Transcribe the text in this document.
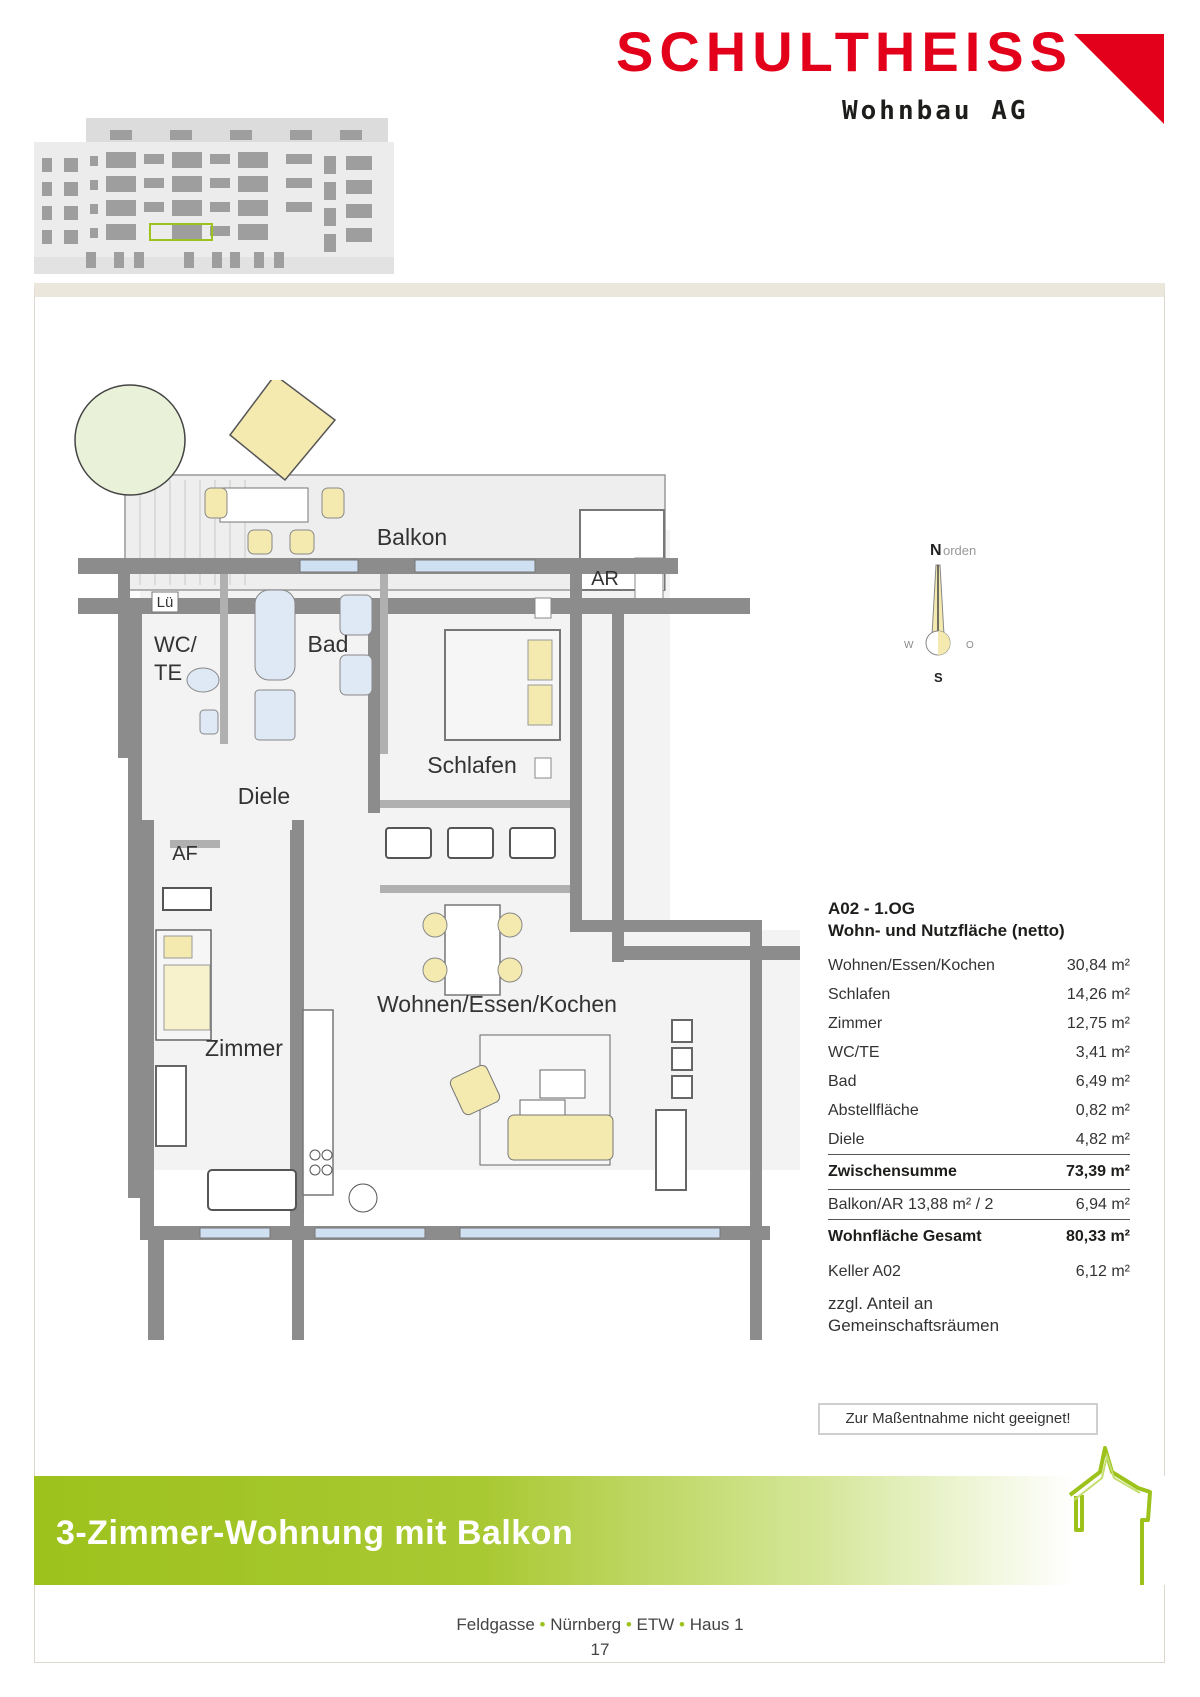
SCHULTHEISS
Wohnbau AG
Balkon
AR
Lü
WC/
TE
Bad
Schlafen
Diele
AF
Zimmer
Wohnen/Essen/Kochen
N orden
W	O
S
A02 - 1.OG
Wohn- und Nutzfläche (netto)
Wohnen/Essen/Kochen	30,84 m²
Schlafen	14,26 m²
Zimmer	12,75 m²
WC/TE	3,41 m²
Bad	6,49 m²
Abstellfläche	0,82 m²
Diele	4,82 m²
Zwischensumme	73,39 m²
Balkon/AR 13,88 m² / 2	6,94 m²
Wohnfläche Gesamt	80,33 m²
Keller A02	6,12 m²
zzgl. Anteil an Gemeinschaftsräumen
Zur Maßentnahme nicht geeignet!
3-Zimmer-Wohnung mit Balkon
Feldgasse • Nürnberg • ETW • Haus 1
17
